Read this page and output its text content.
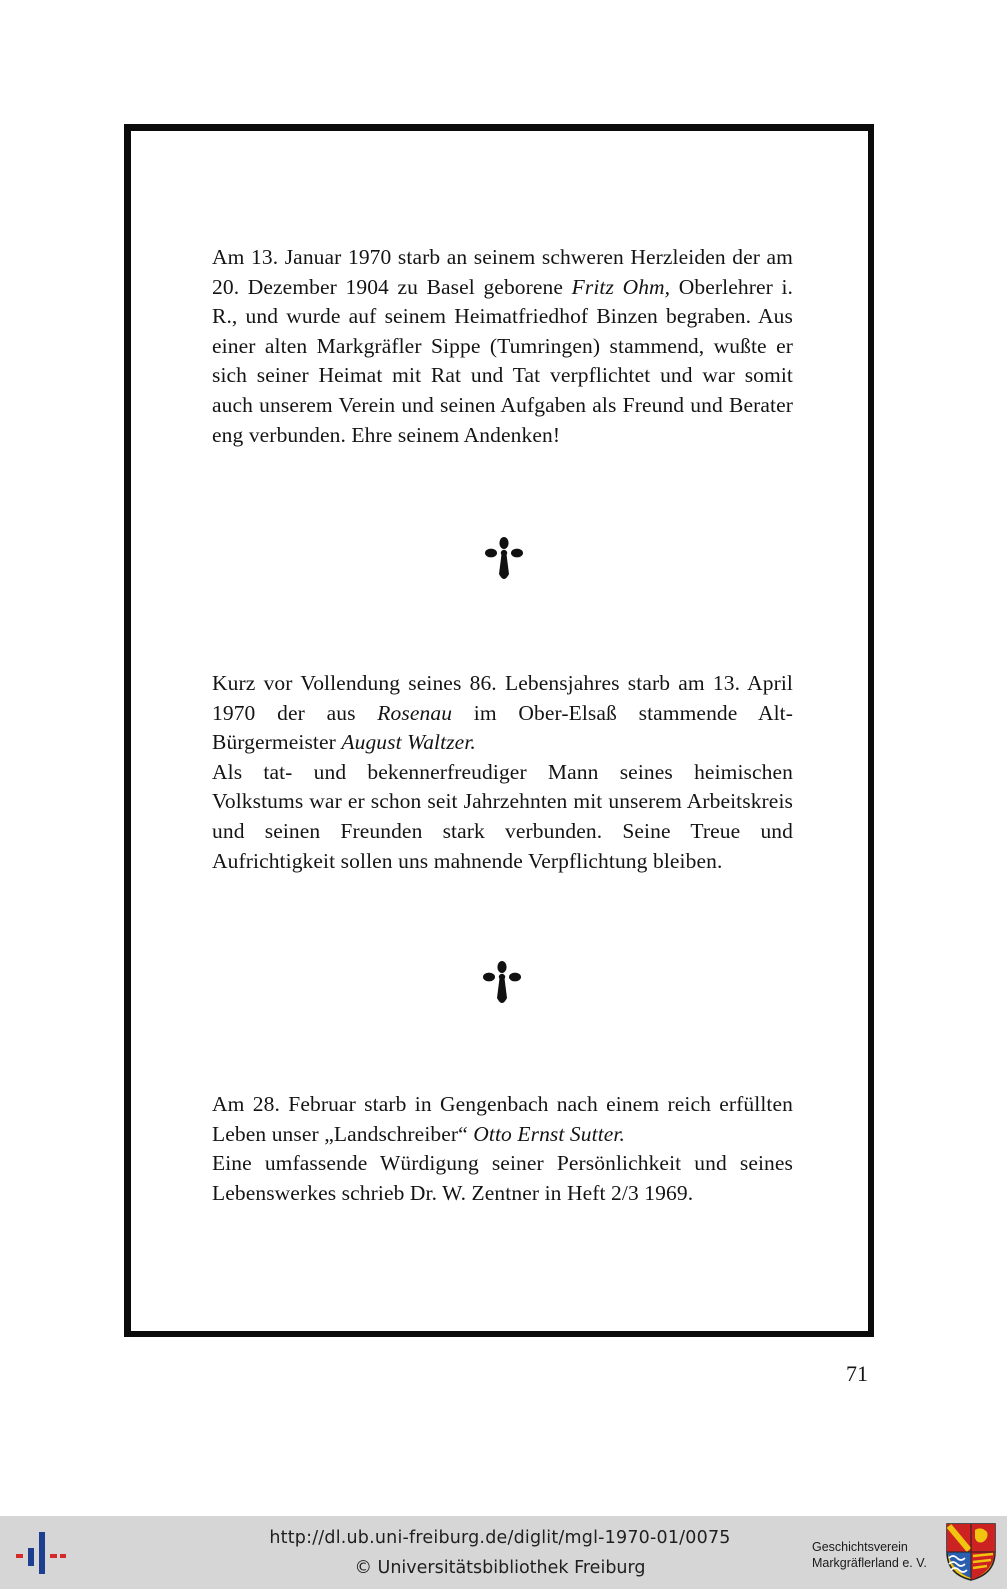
Am 13. Januar 1970 starb an seinem schweren Herzleiden der am 20. Dezember 1904 zu Basel geborene Fritz Ohm, Oberlehrer i. R., und wurde auf seinem Heimatfriedhof Binzen begraben. Aus einer alten Markgräfler Sippe (Tumringen) stammend, wußte er sich seiner Heimat mit Rat und Tat verpflichtet und war somit auch unserem Verein und seinen Aufgaben als Freund und Berater eng verbunden. Ehre seinem Andenken!

Kurz vor Vollendung seines 86. Lebensjahres starb am 13. April 1970 der aus Rosenau im Ober-Elsaß stammende Alt-Bürgermeister August Waltzer.
Als tat- und bekennerfreudiger Mann seines heimischen Volkstums war er schon seit Jahrzehnten mit unserem Arbeitskreis und seinen Freunden stark verbunden. Seine Treue und Aufrichtigkeit sollen uns mahnende Verpflichtung bleiben.

Am 28. Februar starb in Gengenbach nach einem reich erfüllten Leben unser „Landschreiber“ Otto Ernst Sutter.
Eine umfassende Würdigung seiner Persönlichkeit und seines Lebenswerkes schrieb Dr. W. Zentner in Heft 2/3 1969.

71
http://dl.ub.uni-freiburg.de/diglit/mgl-1970-01/0075
© Universitätsbibliothek Freiburg
Geschichtsverein
Markgräflerland e. V.
